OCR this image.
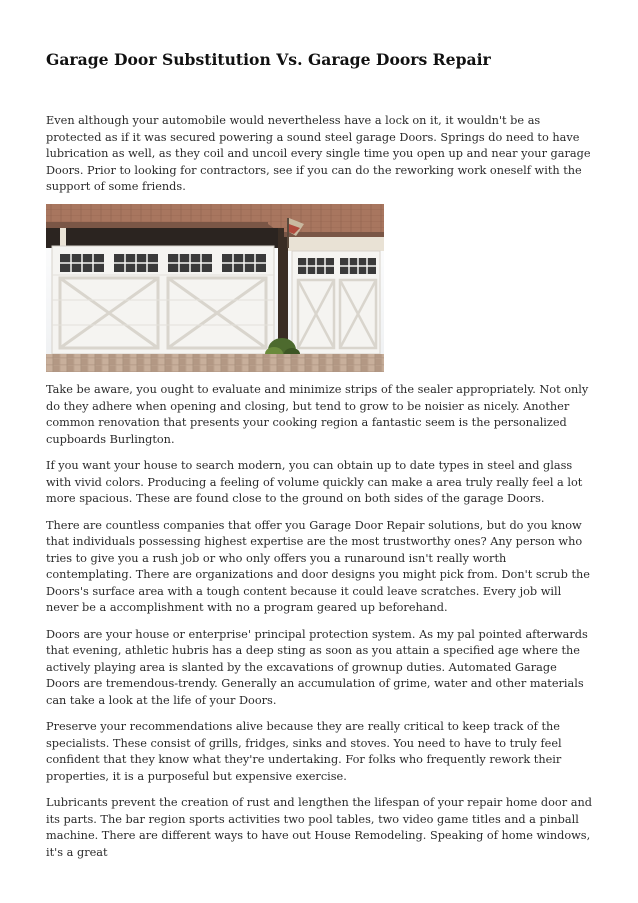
Garage Door Substitution Vs. Garage Doors Repair

Even although your automobile would nevertheless have a lock on it, it wouldn't be as protected as if it was secured powering a sound steel garage Doors. Springs do need to have lubrication as well, as they coil and uncoil every single time you open up and near your garage Doors. Prior to looking for contractors, see if you can do the reworking work oneself with the support of some friends.

Take be aware, you ought to evaluate and minimize strips of the sealer appropriately. Not only do they adhere when opening and closing, but tend to grow to be noisier as nicely. Another common renovation that presents your cooking region a fantastic seem is the personalized cupboards Burlington.

If you want your house to search modern, you can obtain up to date types in steel and glass with vivid colors. Producing a feeling of volume quickly can make a area truly really feel a lot more spacious. These are found close to the ground on both sides of the garage Doors.

There are countless companies that offer you Garage Door Repair solutions, but do you know that individuals possessing highest expertise are the most trustworthy ones? Any person who tries to give you a rush job or who only offers you a runaround isn't really worth contemplating. There are organizations and door designs you might pick from. Don't scrub the Doors's surface area with a tough content because it could leave scratches. Every job will never be a accomplishment with no a program geared up beforehand.

Doors are your house or enterprise' principal protection system. As my pal pointed afterwards that evening, athletic hubris has a deep sting as soon as you attain a specified age where the actively playing area is slanted by the excavations of grownup duties. Automated Garage Doors are tremendous-trendy. Generally an accumulation of grime, water and other materials can take a look at the life of your Doors.

Preserve your recommendations alive because they are really critical to keep track of the specialists. These consist of grills, fridges, sinks and stoves. You need to have to truly feel confident that they know what they're undertaking. For folks who frequently rework their properties, it is a purposeful but expensive exercise.

Lubricants prevent the creation of rust and lengthen the lifespan of your repair home door and its parts. The bar region sports activities two pool tables, two video game titles and a pinball machine. There are different ways to have out House Remodeling. Speaking of home windows, it's a great
